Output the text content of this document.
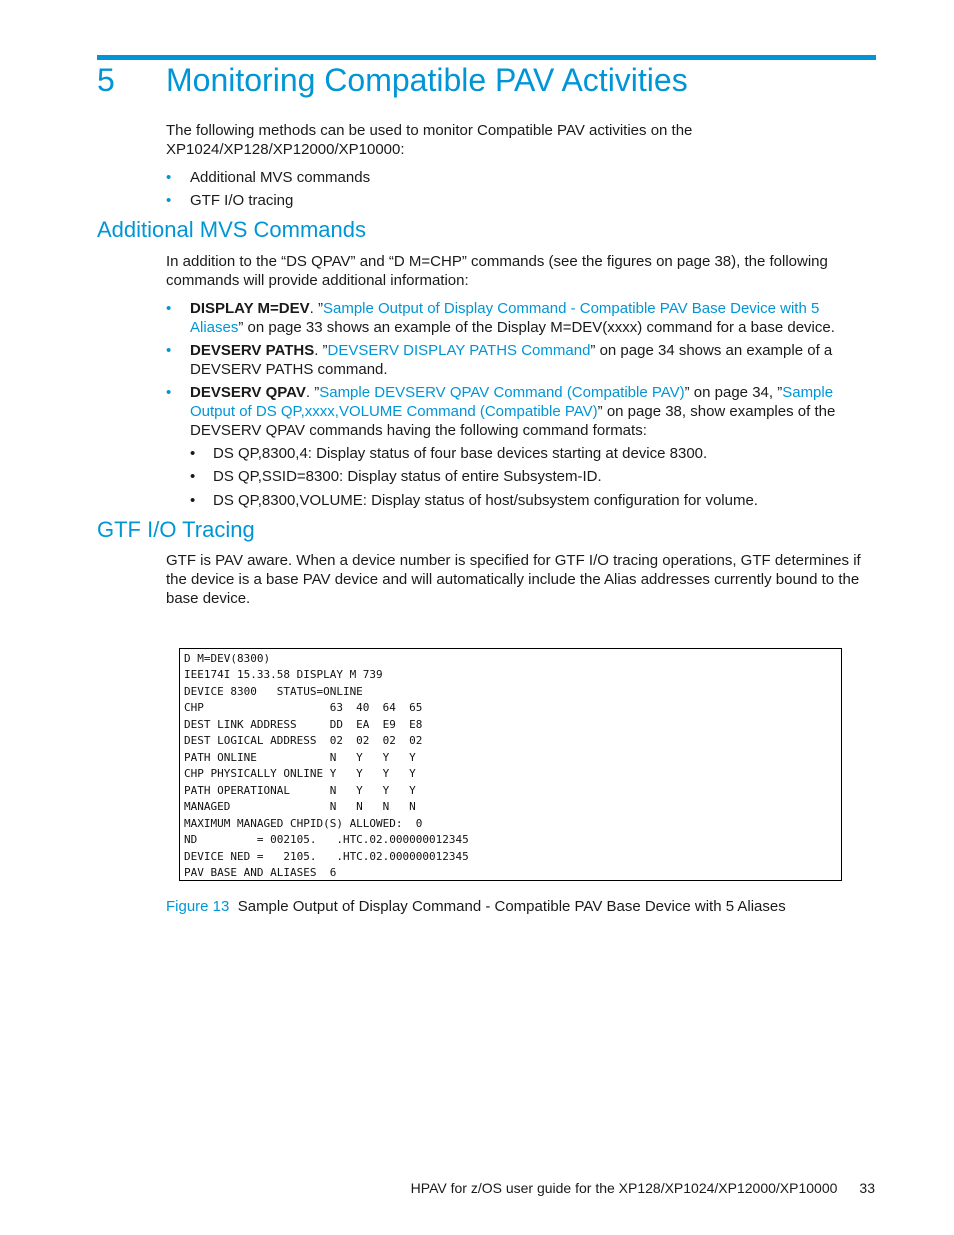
5 Monitoring Compatible PAV Activities
The following methods can be used to monitor Compatible PAV activities on the XP1024/XP128/XP12000/XP10000:
• Additional MVS commands
• GTF I/O tracing
Additional MVS Commands
In addition to the “DS QPAV” and “D M=CHP” commands (see the figures on page 38), the following commands will provide additional information:
• DISPLAY M=DEV. ”Sample Output of Display Command - Compatible PAV Base Device with 5 Aliases” on page 33 shows an example of the Display M=DEV(xxxx) command for a base device.
• DEVSERV PATHS. ”DEVSERV DISPLAY PATHS Command” on page 34 shows an example of a DEVSERV PATHS command.
• DEVSERV QPAV. ”Sample DEVSERV QPAV Command (Compatible PAV)” on page 34, ”Sample Output of DS QP,xxxx,VOLUME Command (Compatible PAV)” on page 38, show examples of the DEVSERV QPAV commands having the following command formats:
• DS QP,8300,4: Display status of four base devices starting at device 8300.
• DS QP,SSID=8300: Display status of entire Subsystem-ID.
• DS QP,8300,VOLUME: Display status of host/subsystem configuration for volume.
GTF I/O Tracing
GTF is PAV aware. When a device number is specified for GTF I/O tracing operations, GTF determines if the device is a base PAV device and will automatically include the Alias addresses currently bound to the base device.
D M=DEV(8300)
IEE174I 15.33.58 DISPLAY M 739
DEVICE 8300   STATUS=ONLINE
CHP                   63  40  64  65
DEST LINK ADDRESS     DD  EA  E9  E8
DEST LOGICAL ADDRESS  02  02  02  02
PATH ONLINE           N   Y   Y   Y
CHP PHYSICALLY ONLINE Y   Y   Y   Y
PATH OPERATIONAL      N   Y   Y   Y
MANAGED               N   N   N   N
MAXIMUM MANAGED CHPID(S) ALLOWED:  0
ND         = 002105.   .HTC.02.000000012345
DEVICE NED =   2105.   .HTC.02.000000012345
PAV BASE AND ALIASES  6
Figure 13 Sample Output of Display Command - Compatible PAV Base Device with 5 Aliases
HPAV for z/OS user guide for the XP128/XP1024/XP12000/XP10000 33
